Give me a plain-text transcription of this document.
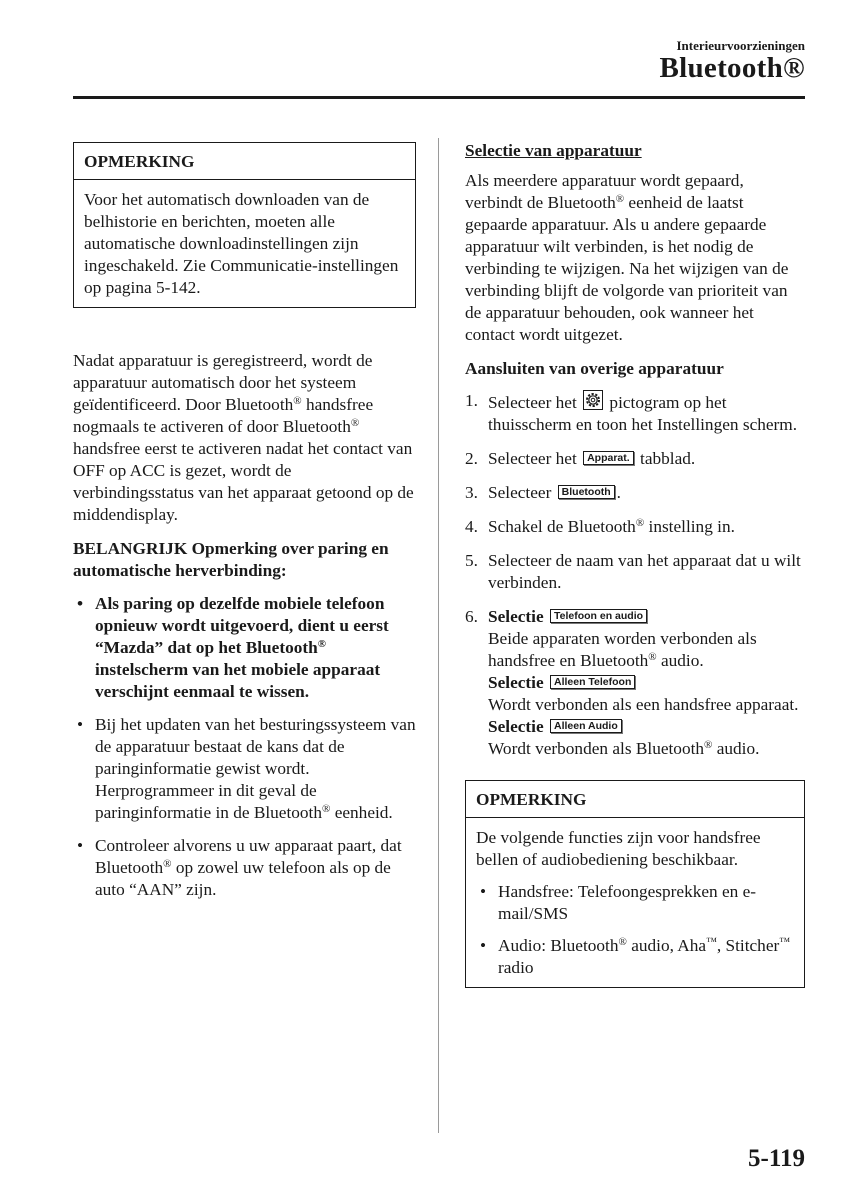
Interieurvoorzieningen
Bluetooth®
OPMERKING
Voor het automatisch downloaden van de belhistorie en berichten, moeten alle automatische downloadinstellingen zijn ingeschakeld. Zie Communicatie-instellingen op pagina 5-142.

Nadat apparatuur is geregistreerd, wordt de apparatuur automatisch door het systeem geïdentificeerd. Door Bluetooth® handsfree nogmaals te activeren of door Bluetooth® handsfree eerst te activeren nadat het contact van OFF op ACC is gezet, wordt de verbindingsstatus van het apparaat getoond op de middendisplay.

BELANGRIJK Opmerking over paring en automatische herverbinding:

• Als paring op dezelfde mobiele telefoon opnieuw wordt uitgevoerd, dient u eerst “Mazda” dat op het Bluetooth® instelscherm van het mobiele apparaat verschijnt eenmaal te wissen.
• Bij het updaten van het besturingssysteem van de apparatuur bestaat de kans dat de paringinformatie gewist wordt. Herprogrammeer in dit geval de paringinformatie in de Bluetooth® eenheid.
• Controleer alvorens u uw apparaat paart, dat Bluetooth® op zowel uw telefoon als op de auto “AAN” zijn.

Selectie van apparatuur

Als meerdere apparatuur wordt gepaard, verbindt de Bluetooth® eenheid de laatst gepaarde apparatuur. Als u andere gepaarde apparatuur wilt verbinden, is het nodig de verbinding te wijzigen. Na het wijzigen van de verbinding blijft de volgorde van prioriteit van de apparatuur behouden, ook wanneer het contact wordt uitgezet.

Aansluiten van overige apparatuur

1. Selecteer het pictogram op het thuisscherm en toon het Instellingen scherm.
2. Selecteer het Apparat. tabblad.
3. Selecteer Bluetooth .
4. Schakel de Bluetooth® instelling in.
5. Selecteer de naam van het apparaat dat u wilt verbinden.
6. Selectie Telefoon en audio
Beide apparaten worden verbonden als handsfree en Bluetooth® audio.
Selectie Alleen Telefoon
Wordt verbonden als een handsfree apparaat.
Selectie Alleen Audio
Wordt verbonden als Bluetooth® audio.
OPMERKING

De volgende functies zijn voor handsfree bellen of audiobediening beschikbaar.

• Handsfree: Telefoongesprekken en e-mail/SMS
• Audio: Bluetooth® audio, Aha™, Stitcher™ radio
5-119
